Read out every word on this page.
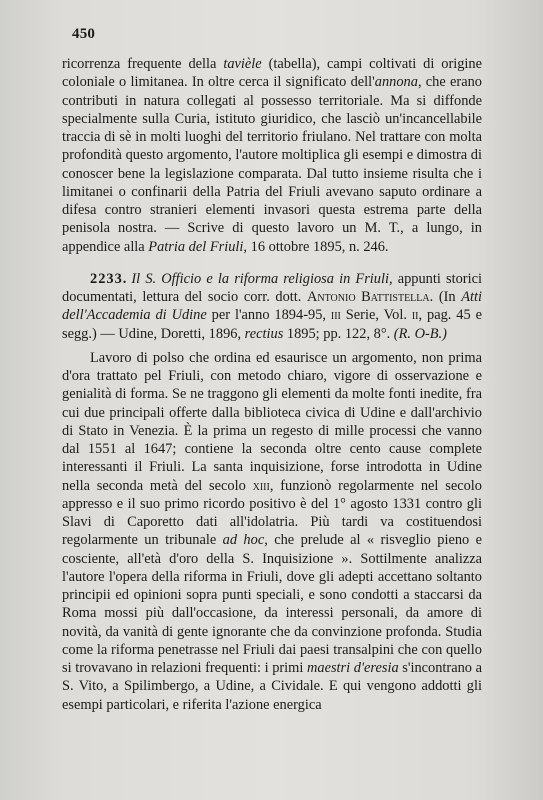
450

ricorrenza frequente della tavièle (tabella), campi coltivati di origine coloniale o limitanea. In oltre cerca il significato dell'annona, che erano contributi in natura collegati al possesso territoriale. Ma si diffonde specialmente sulla Curia, istituto giuridico, che lasciò un'incancellabile traccia di sè in molti luoghi del territorio friulano. Nel trattare con molta profondità questo argomento, l'autore moltiplica gli esempi e dimostra di conoscer bene la legislazione comparata. Dal tutto insieme risulta che i limitanei o confinarii della Patria del Friuli avevano saputo ordinare a difesa contro stranieri elementi invasori questa estrema parte della penisola nostra. — Scrive di questo lavoro un M. T., a lungo, in appendice alla Patria del Friuli, 16 ottobre 1895, n. 246.

2233. Il S. Officio e la riforma religiosa in Friuli, appunti storici documentati, lettura del socio corr. dott. Antonio Battistella. (In Atti dell'Accademia di Udine per l'anno 1894-95, iii Serie, Vol. ii, pag. 45 e segg.) — Udine, Doretti, 1896, rectius 1895; pp. 122, 8°. (R. O-B.)

Lavoro di polso che ordina ed esaurisce un argomento, non prima d'ora trattato pel Friuli, con metodo chiaro, vigore di osservazione e genialità di forma. Se ne traggono gli elementi da molte fonti inedite, fra cui due principali offerte dalla biblioteca civica di Udine e dall'archivio di Stato in Venezia. È la prima un regesto di mille processi che vanno dal 1551 al 1647; contiene la seconda oltre cento cause complete interessanti il Friuli. La santa inquisizione, forse introdotta in Udine nella seconda metà del secolo xiii, funzionò regolarmente nel secolo appresso e il suo primo ricordo positivo è del 1° agosto 1331 contro gli Slavi di Caporetto dati all'idolatria. Più tardi va costituendosi regolarmente un tribunale ad hoc, che prelude al « risveglio pieno e cosciente, all'età d'oro della S. Inquisizione ». Sottilmente analizza l'autore l'opera della riforma in Friuli, dove gli adepti accettano soltanto principii ed opinioni sopra punti speciali, e sono condotti a staccarsi da Roma mossi più dall'occasione, da interessi personali, da amore di novità, da vanità di gente ignorante che da convinzione profonda. Studia come la riforma penetrasse nel Friuli dai paesi transalpini che con quello si trovavano in relazioni frequenti: i primi maestri d'eresia s'incontrano a S. Vito, a Spilimbergo, a Udine, a Cividale. E qui vengono addotti gli esempi particolari, e riferita l'azione energica
